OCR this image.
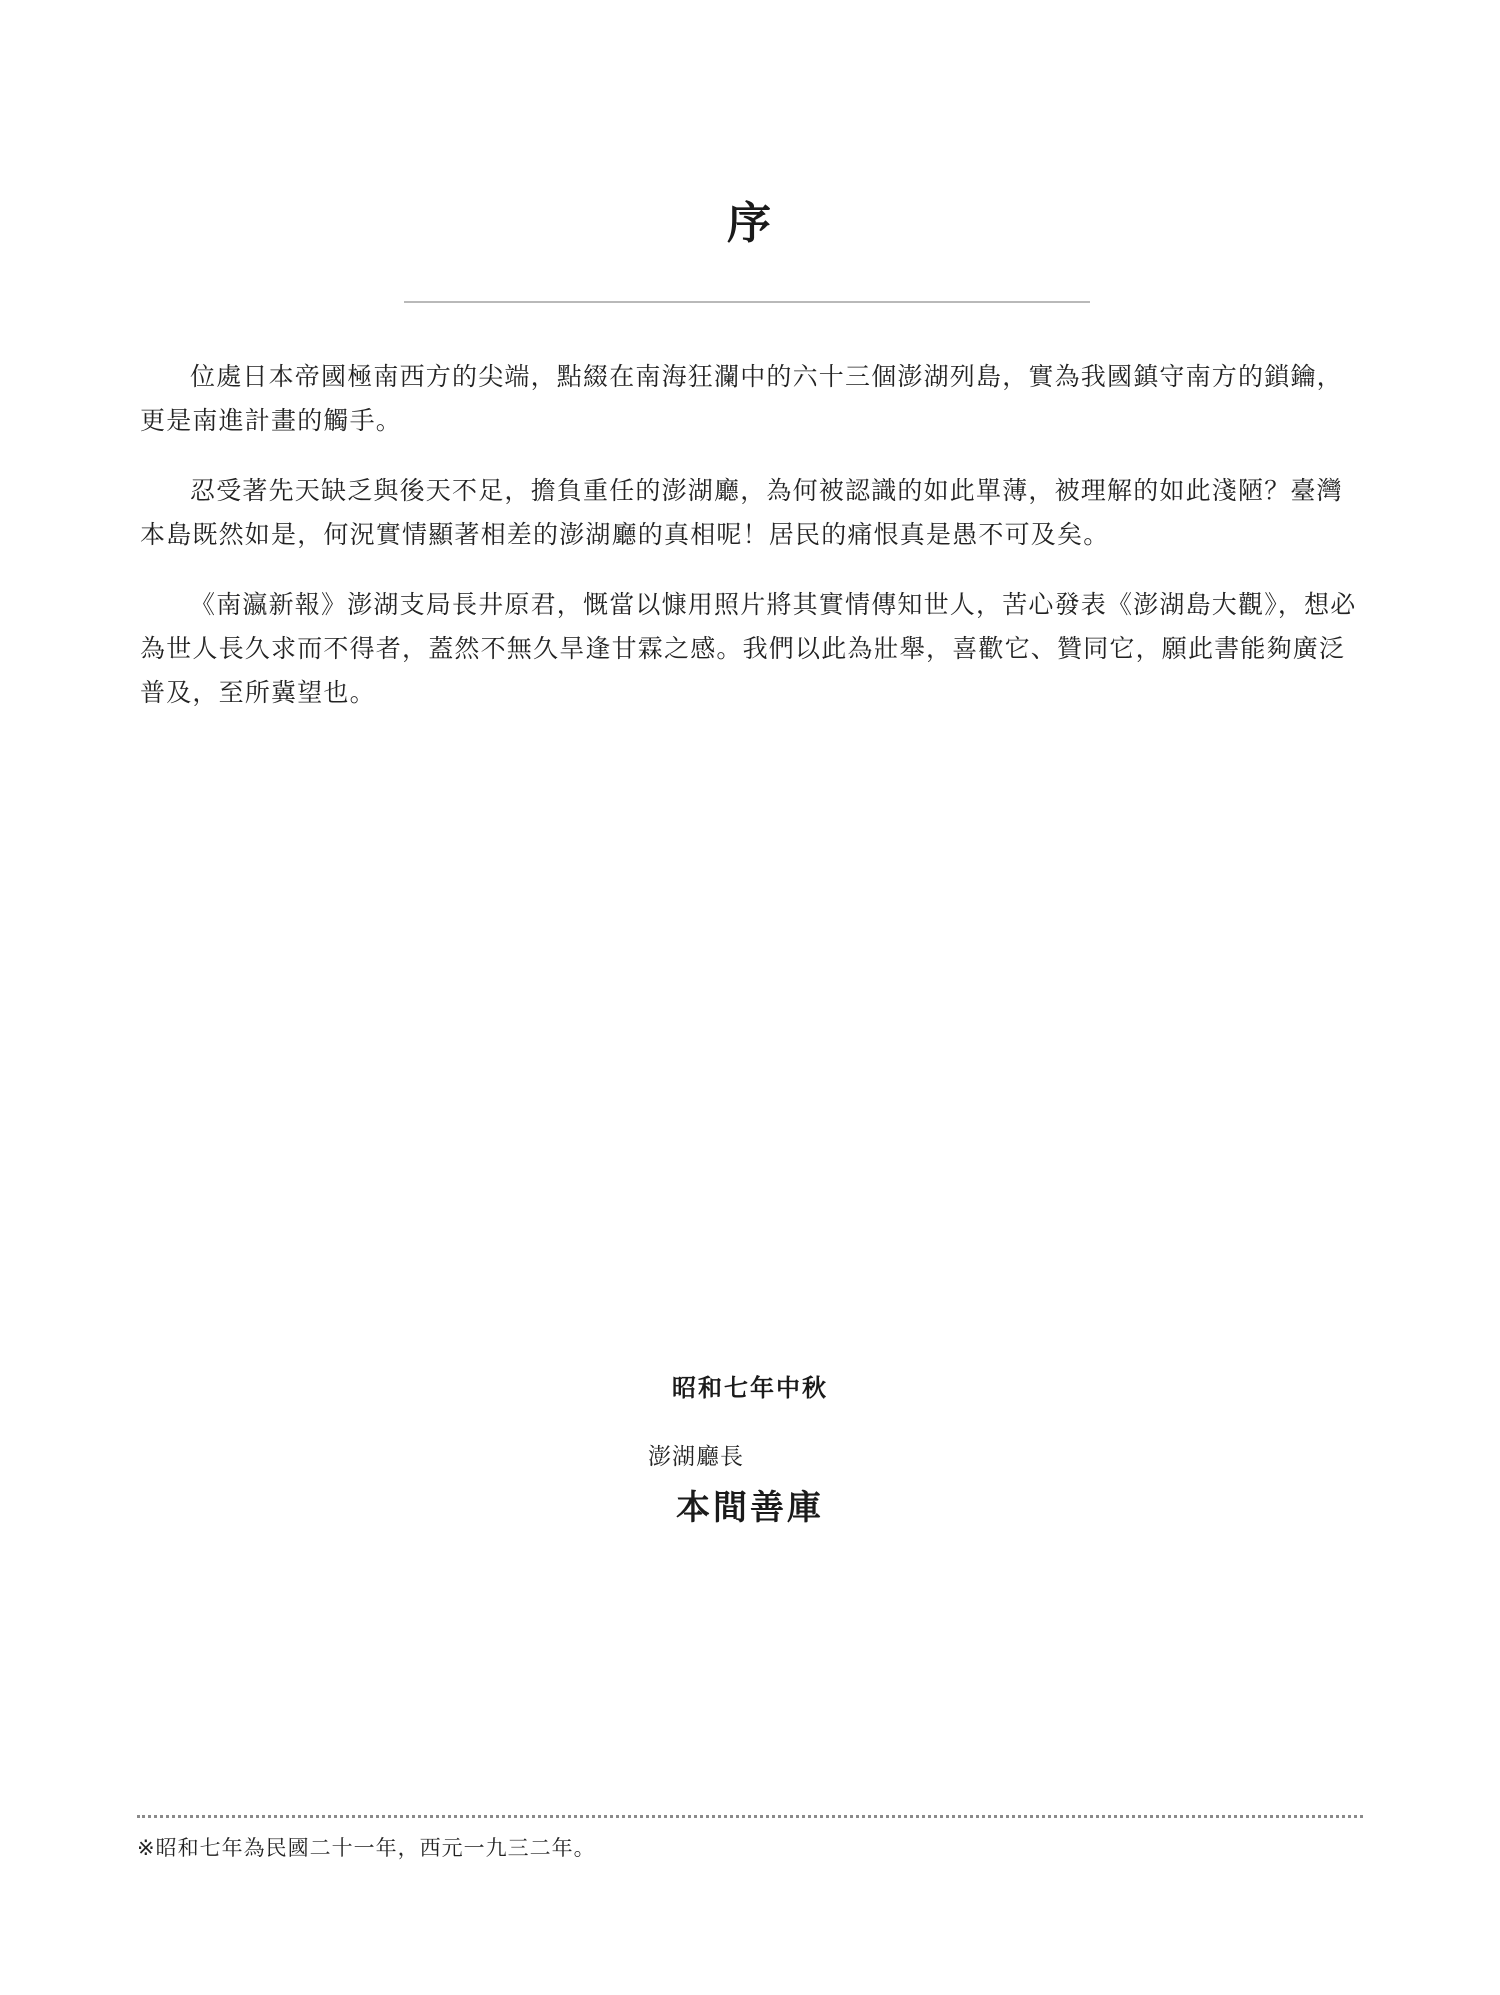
序

位處日本帝國極南西方的尖端，點綴在南海狂瀾中的六十三個澎湖列島，實為我國鎮守南方的鎖鑰，更是南進計畫的觸手。

忍受著先天缺乏與後天不足，擔負重任的澎湖廳，為何被認識的如此單薄，被理解的如此淺陋？臺灣本島既然如是，何況實情顯著相差的澎湖廳的真相呢！居民的痛恨真是愚不可及矣。

《南瀛新報》澎湖支局長井原君，慨當以慷用照片將其實情傳知世人，苦心發表《澎湖島大觀》，想必為世人長久求而不得者，蓋然不無久旱逢甘霖之感。我們以此為壯舉，喜歡它、贊同它，願此書能夠廣泛普及，至所冀望也。

昭和七年中秋
澎湖廳長
本間善庫
※昭和七年為民國二十一年，西元一九三二年。
